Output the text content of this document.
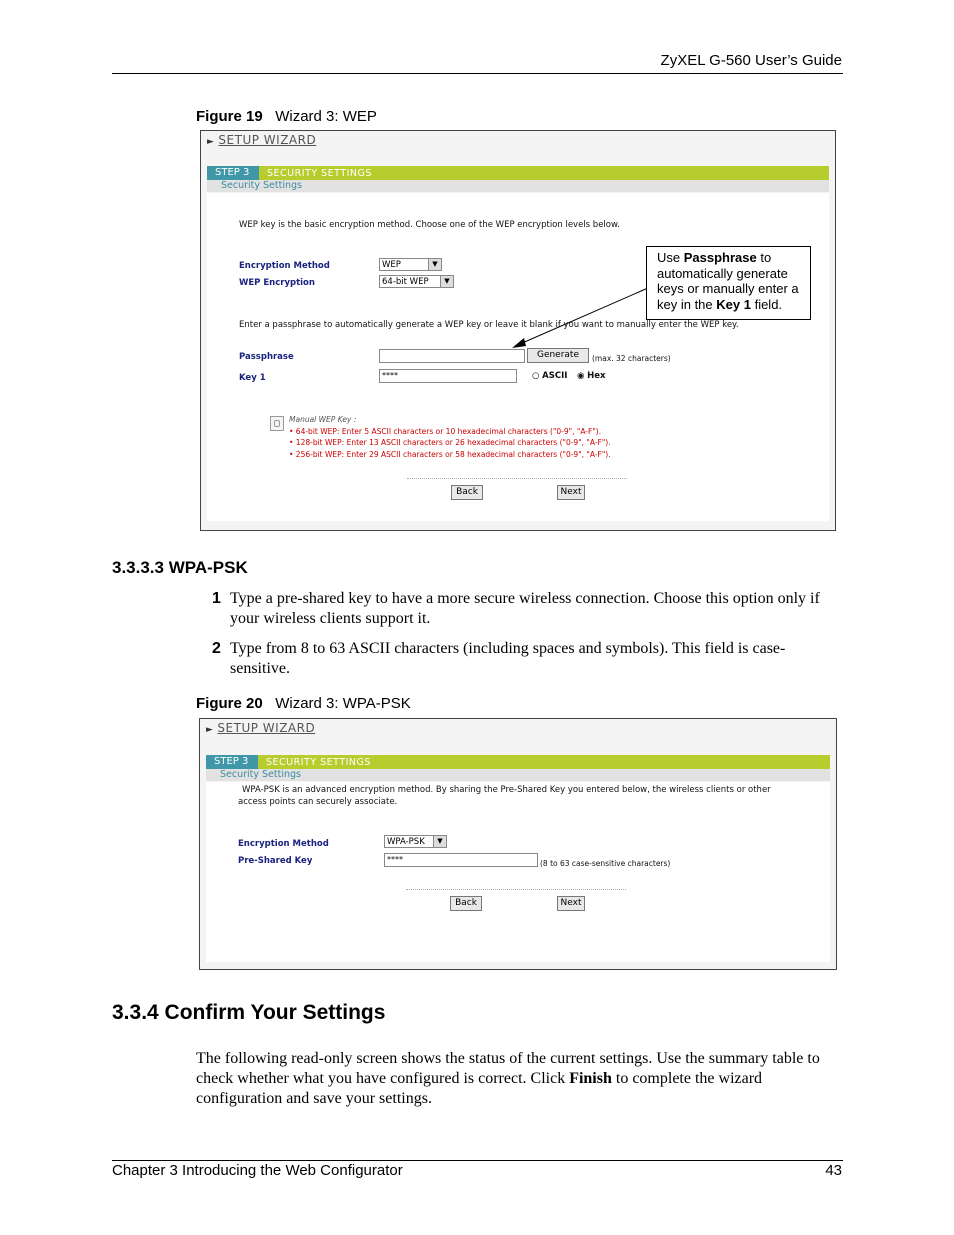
ZyXEL G-560 User’s Guide
Figure 19 Wizard 3: WEP
► SETUP WIZARD
STEP 3	SECURITY SETTINGS
Security Settings
WEP key is the basic encryption method. Choose one of the WEP encryption levels below.
Encryption Method	WEP	▼
WEP Encryption	64-bit WEP	▼
Enter a passphrase to automatically generate a WEP key or leave it blank if you want to manually enter the WEP key.
Passphrase	Generate	(max. 32 characters)
Key 1	****	○ ASCII ◉ Hex
Manual WEP Key :
• 64-bit WEP: Enter 5 ASCII characters or 10 hexadecimal characters ("0-9", "A-F").
• 128-bit WEP: Enter 13 ASCII characters or 26 hexadecimal characters ("0-9", "A-F").
• 256-bit WEP: Enter 29 ASCII characters or 58 hexadecimal characters ("0-9", "A-F").
Back	Next
Use Passphrase to automatically generate keys or manually enter a key in the Key 1 field.
3.3.3.3 WPA-PSK
1 Type a pre-shared key to have a more secure wireless connection. Choose this option only if your wireless clients support it.
2 Type from 8 to 63 ASCII characters (including spaces and symbols). This field is case-sensitive.
Figure 20 Wizard 3: WPA-PSK
► SETUP WIZARD
STEP 3	SECURITY SETTINGS
Security Settings
WPA-PSK is an advanced encryption method. By sharing the Pre-Shared Key you entered below, the wireless clients or other
access points can securely associate.
Encryption Method	WPA-PSK	▼
Pre-Shared Key	****	(8 to 63 case-sensitive characters)
Back	Next
3.3.4 Confirm Your Settings
The following read-only screen shows the status of the current settings. Use the summary table to check whether what you have configured is correct. Click Finish to complete the wizard configuration and save your settings.
Chapter 3 Introducing the Web Configurator	43
